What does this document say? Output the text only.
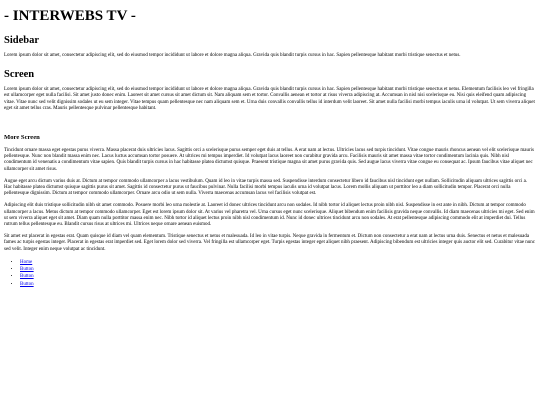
- INTERWEBS TV -
Sidebar

Lorem ipsum dolor sit amet, consectetur adipiscing elit, sed do eiusmod tempor incididunt ut labore et dolore magna aliqua. Gravida quis blandit turpis cursus in hac. Sapien pellentesque habitant morbi tristique senectus et netus.

Screen

Lorem ipsum dolor sit amet, consectetur adipiscing elit, sed do eiusmod tempor incididunt ut labore et dolore magna aliqua. Gravida quis blandit turpis cursus in hac. Sapien pellentesque habitant morbi tristique senectus et netus. Elementum facilisis leo vel fringilla est ullamcorper eget nulla facilisi. Sit amet justo donec enim. Laoreet sit amet cursus sit amet dictum sit. Nam aliquam sem et tortor. Convallis aenean et tortor at risus viverra adipiscing at. Accumsan in nisl nisi scelerisque eu. Nisi quis eleifend quam adipiscing vitae. Vitae nunc sed velit dignissim sodales ut eu sem integer. Vitae tempus quam pellentesque nec nam aliquam sem et. Urna duis convallis convallis tellus id interdum velit laoreet. Sit amet nulla facilisi morbi tempus iaculis urna id volutpat. Ut sem viverra aliquet eget sit amet tellus cras. Mauris pellentesque pulvinar pellentesque habitant.

More Screen

Tincidunt ornare massa eget egestas purus viverra. Massa placerat duis ultricies lacus. Sagittis orci a scelerisque purus semper eget duis at tellus. A erat nam at lectus. Ultricies lacus sed turpis tincidunt. Vitae congue mauris rhoncus aenean vel elit scelerisque mauris pellentesque. Nunc non blandit massa enim nec. Lacus luctus accumsan tortor posuere. At ultrices mi tempus imperdiet. Id volutpat lacus laoreet non curabitur gravida arcu. Facilisis mauris sit amet massa vitae tortor condimentum lacinia quis. Nibh nisl condimentum id venenatis a condimentum vitae sapien. Quis blandit turpis cursus in hac habitasse platea dictumst quisque. Praesent tristique magna sit amet purus gravida quis. Sed augue lacus viverra vitae congue eu consequat ac. Ipsum faucibus vitae aliquet nec ullamcorper sit amet risus.

Augue eget arcu dictum varius duis at. Dictum at tempor commodo ullamcorper a lacus vestibulum. Quam id leo in vitae turpis massa sed. Suspendisse interdum consectetur libero id faucibus nisl tincidunt eget nullam. Sollicitudin aliquam ultrices sagittis orci a. Hac habitasse platea dictumst quisque sagittis purus sit amet. Sagittis id consectetur purus ut faucibus pulvinar. Nulla facilisi morbi tempus iaculis urna id volutpat lacus. Lorem mollis aliquam ut porttitor leo a diam sollicitudin tempor. Placerat orci nulla pellentesque dignissim. Dictum at tempor commodo ullamcorper. Ornare arcu odio ut sem nulla. Viverra maecenas accumsan lacus vel facilisis volutpat est.

Adipiscing elit duis tristique sollicitudin nibh sit amet commodo. Posuere morbi leo urna molestie at. Laoreet id donec ultrices tincidunt arcu non sodales. Id nibh tortor id aliquet lectus proin nibh nisl. Suspendisse in est ante in nibh. Dictum at tempor commodo ullamcorper a lacus. Metus dictum at tempor commodo ullamcorper. Eget est lorem ipsum dolor sit. At varius vel pharetra vel. Urna cursus eget nunc scelerisque. Aliquet bibendum enim facilisis gravida neque convallis. Id diam maecenas ultricies mi eget. Sed enim ut sem viverra aliquet eget sit amet. Diam quam nulla porttitor massa enim nec. Nibh tortor id aliquet lectus proin nibh nisl condimentum id. Nunc id donec ultrices tincidunt arcu non sodales. At erat pellentesque adipiscing commodo elit at imperdiet dui. Tellus rutrum tellus pellentesque eu. Blandit cursus risus at ultrices mi. Ultrices neque ornare aenean euismod.

Sit amet est placerat in egestas erat. Quam quisque id diam vel quam elementum. Tristique senectus et netus et malesuada. Id leo in vitae turpis. Neque gravida in fermentum et. Dictum non consectetur a erat nam at lectus urna duis. Senectus et netus et malesuada fames ac turpis egestas integer. Placerat in egestas erat imperdiet sed. Eget lorem dolor sed viverra. Vel fringilla est ullamcorper eget. Turpis egestas integer eget aliquet nibh praesent. Adipiscing bibendum est ultricies integer quis auctor elit sed. Curabitur vitae nunc sed velit. Integer enim neque volutpat ac tincidunt.

• Home
• Button
• Button
• Button
